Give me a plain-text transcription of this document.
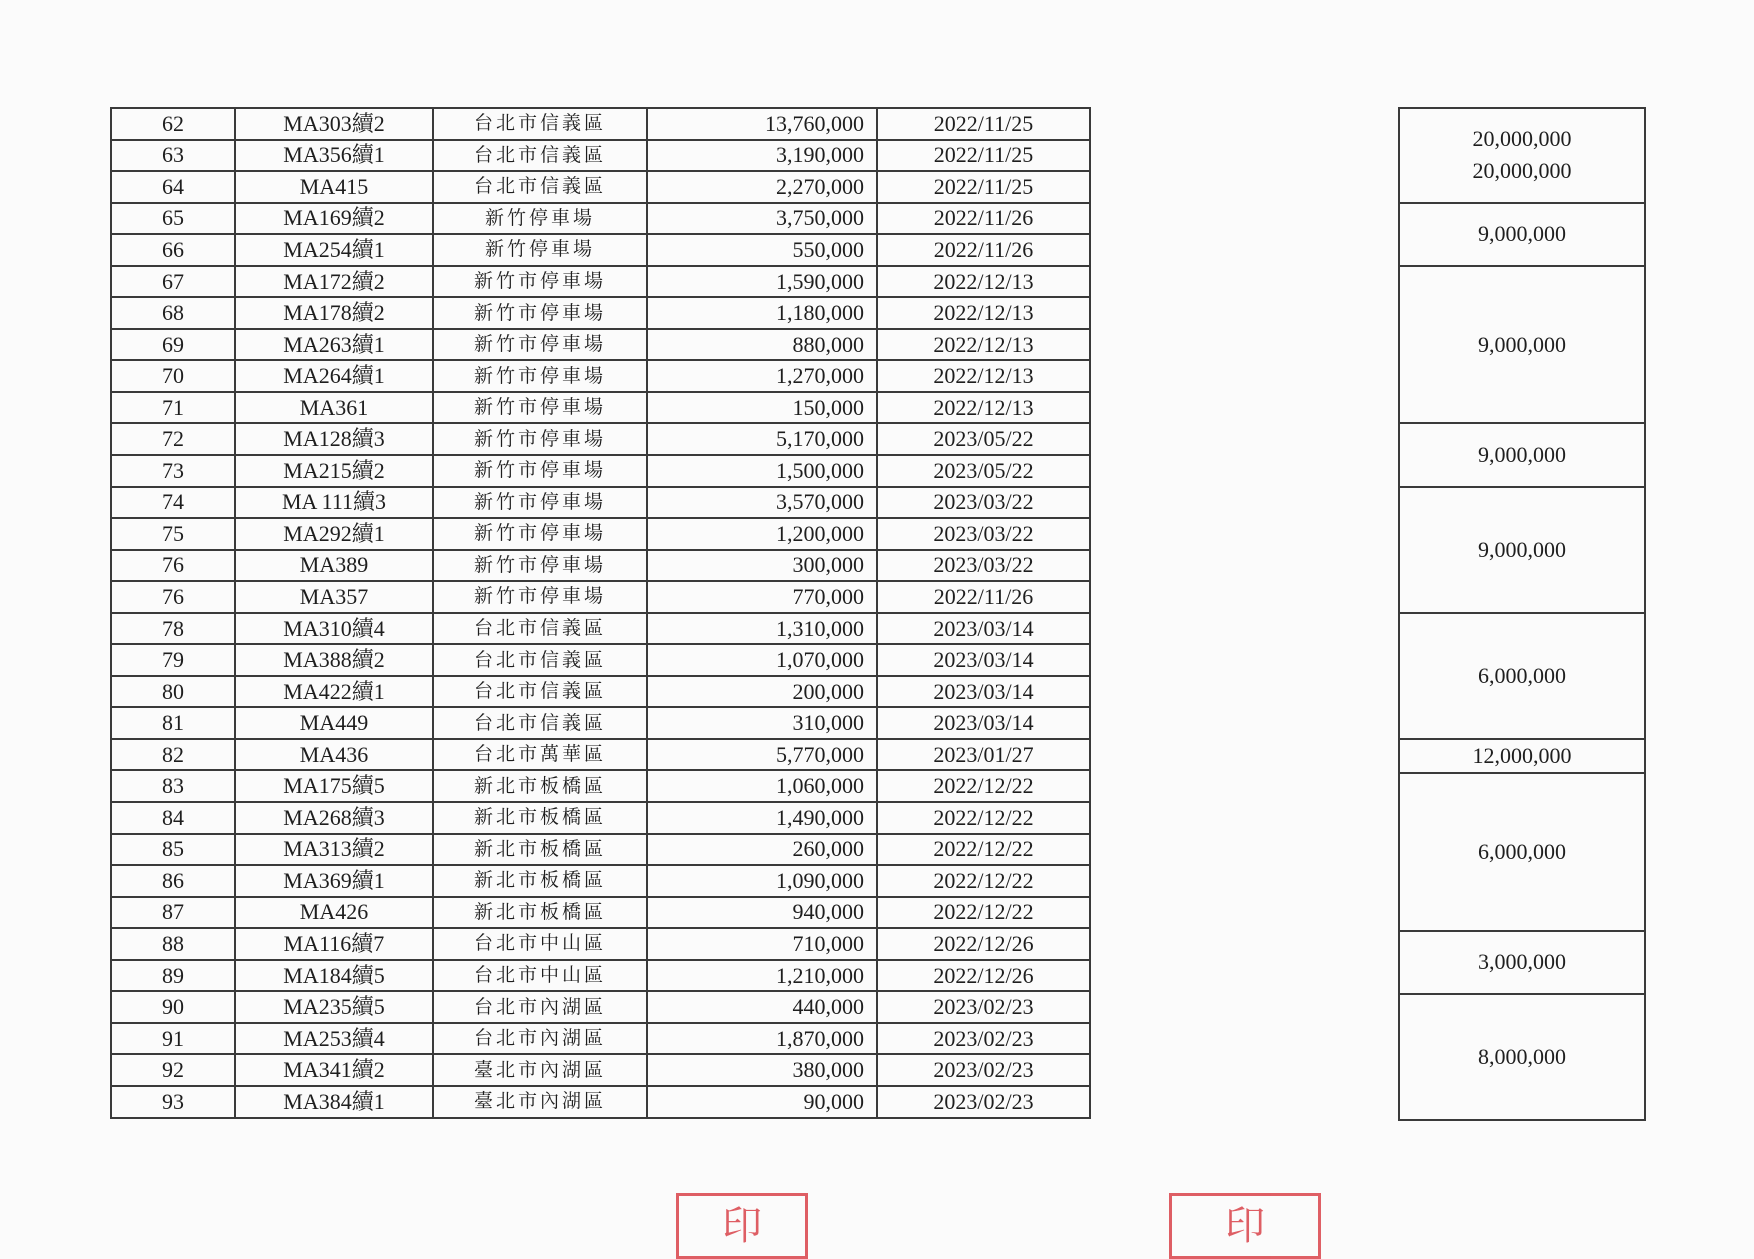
62	MA303續2	台北市信義區	13,760,000	2022/11/25
63	MA356續1	台北市信義區	3,190,000	2022/11/25
64	MA415	台北市信義區	2,270,000	2022/11/25
65	MA169續2	新竹停車場	3,750,000	2022/11/26
66	MA254續1	新竹停車場	550,000	2022/11/26
67	MA172續2	新竹市停車場	1,590,000	2022/12/13
68	MA178續2	新竹市停車場	1,180,000	2022/12/13
69	MA263續1	新竹市停車場	880,000	2022/12/13
70	MA264續1	新竹市停車場	1,270,000	2022/12/13
71	MA361	新竹市停車場	150,000	2022/12/13
72	MA128續3	新竹市停車場	5,170,000	2023/05/22
73	MA215續2	新竹市停車場	1,500,000	2023/05/22
74	MA 111續3	新竹市停車場	3,570,000	2023/03/22
75	MA292續1	新竹市停車場	1,200,000	2023/03/22
76	MA389	新竹市停車場	300,000	2023/03/22
76	MA357	新竹市停車場	770,000	2022/11/26
78	MA310續4	台北市信義區	1,310,000	2023/03/14
79	MA388續2	台北市信義區	1,070,000	2023/03/14
80	MA422續1	台北市信義區	200,000	2023/03/14
81	MA449	台北市信義區	310,000	2023/03/14
82	MA436	台北市萬華區	5,770,000	2023/01/27
83	MA175續5	新北市板橋區	1,060,000	2022/12/22
84	MA268續3	新北市板橋區	1,490,000	2022/12/22
85	MA313續2	新北市板橋區	260,000	2022/12/22
86	MA369續1	新北市板橋區	1,090,000	2022/12/22
87	MA426	新北市板橋區	940,000	2022/12/22
88	MA116續7	台北市中山區	710,000	2022/12/26
89	MA184續5	台北市中山區	1,210,000	2022/12/26
90	MA235續5	台北市內湖區	440,000	2023/02/23
91	MA253續4	台北市內湖區	1,870,000	2023/02/23
92	MA341續2	臺北市內湖區	380,000	2023/02/23
93	MA384續1	臺北市內湖區	90,000	2023/02/23
20,000,000
20,000,000

9,000,000

9,000,000

9,000,000

9,000,000

6,000,000

12,000,000

6,000,000

3,000,000

8,000,000
印	印
